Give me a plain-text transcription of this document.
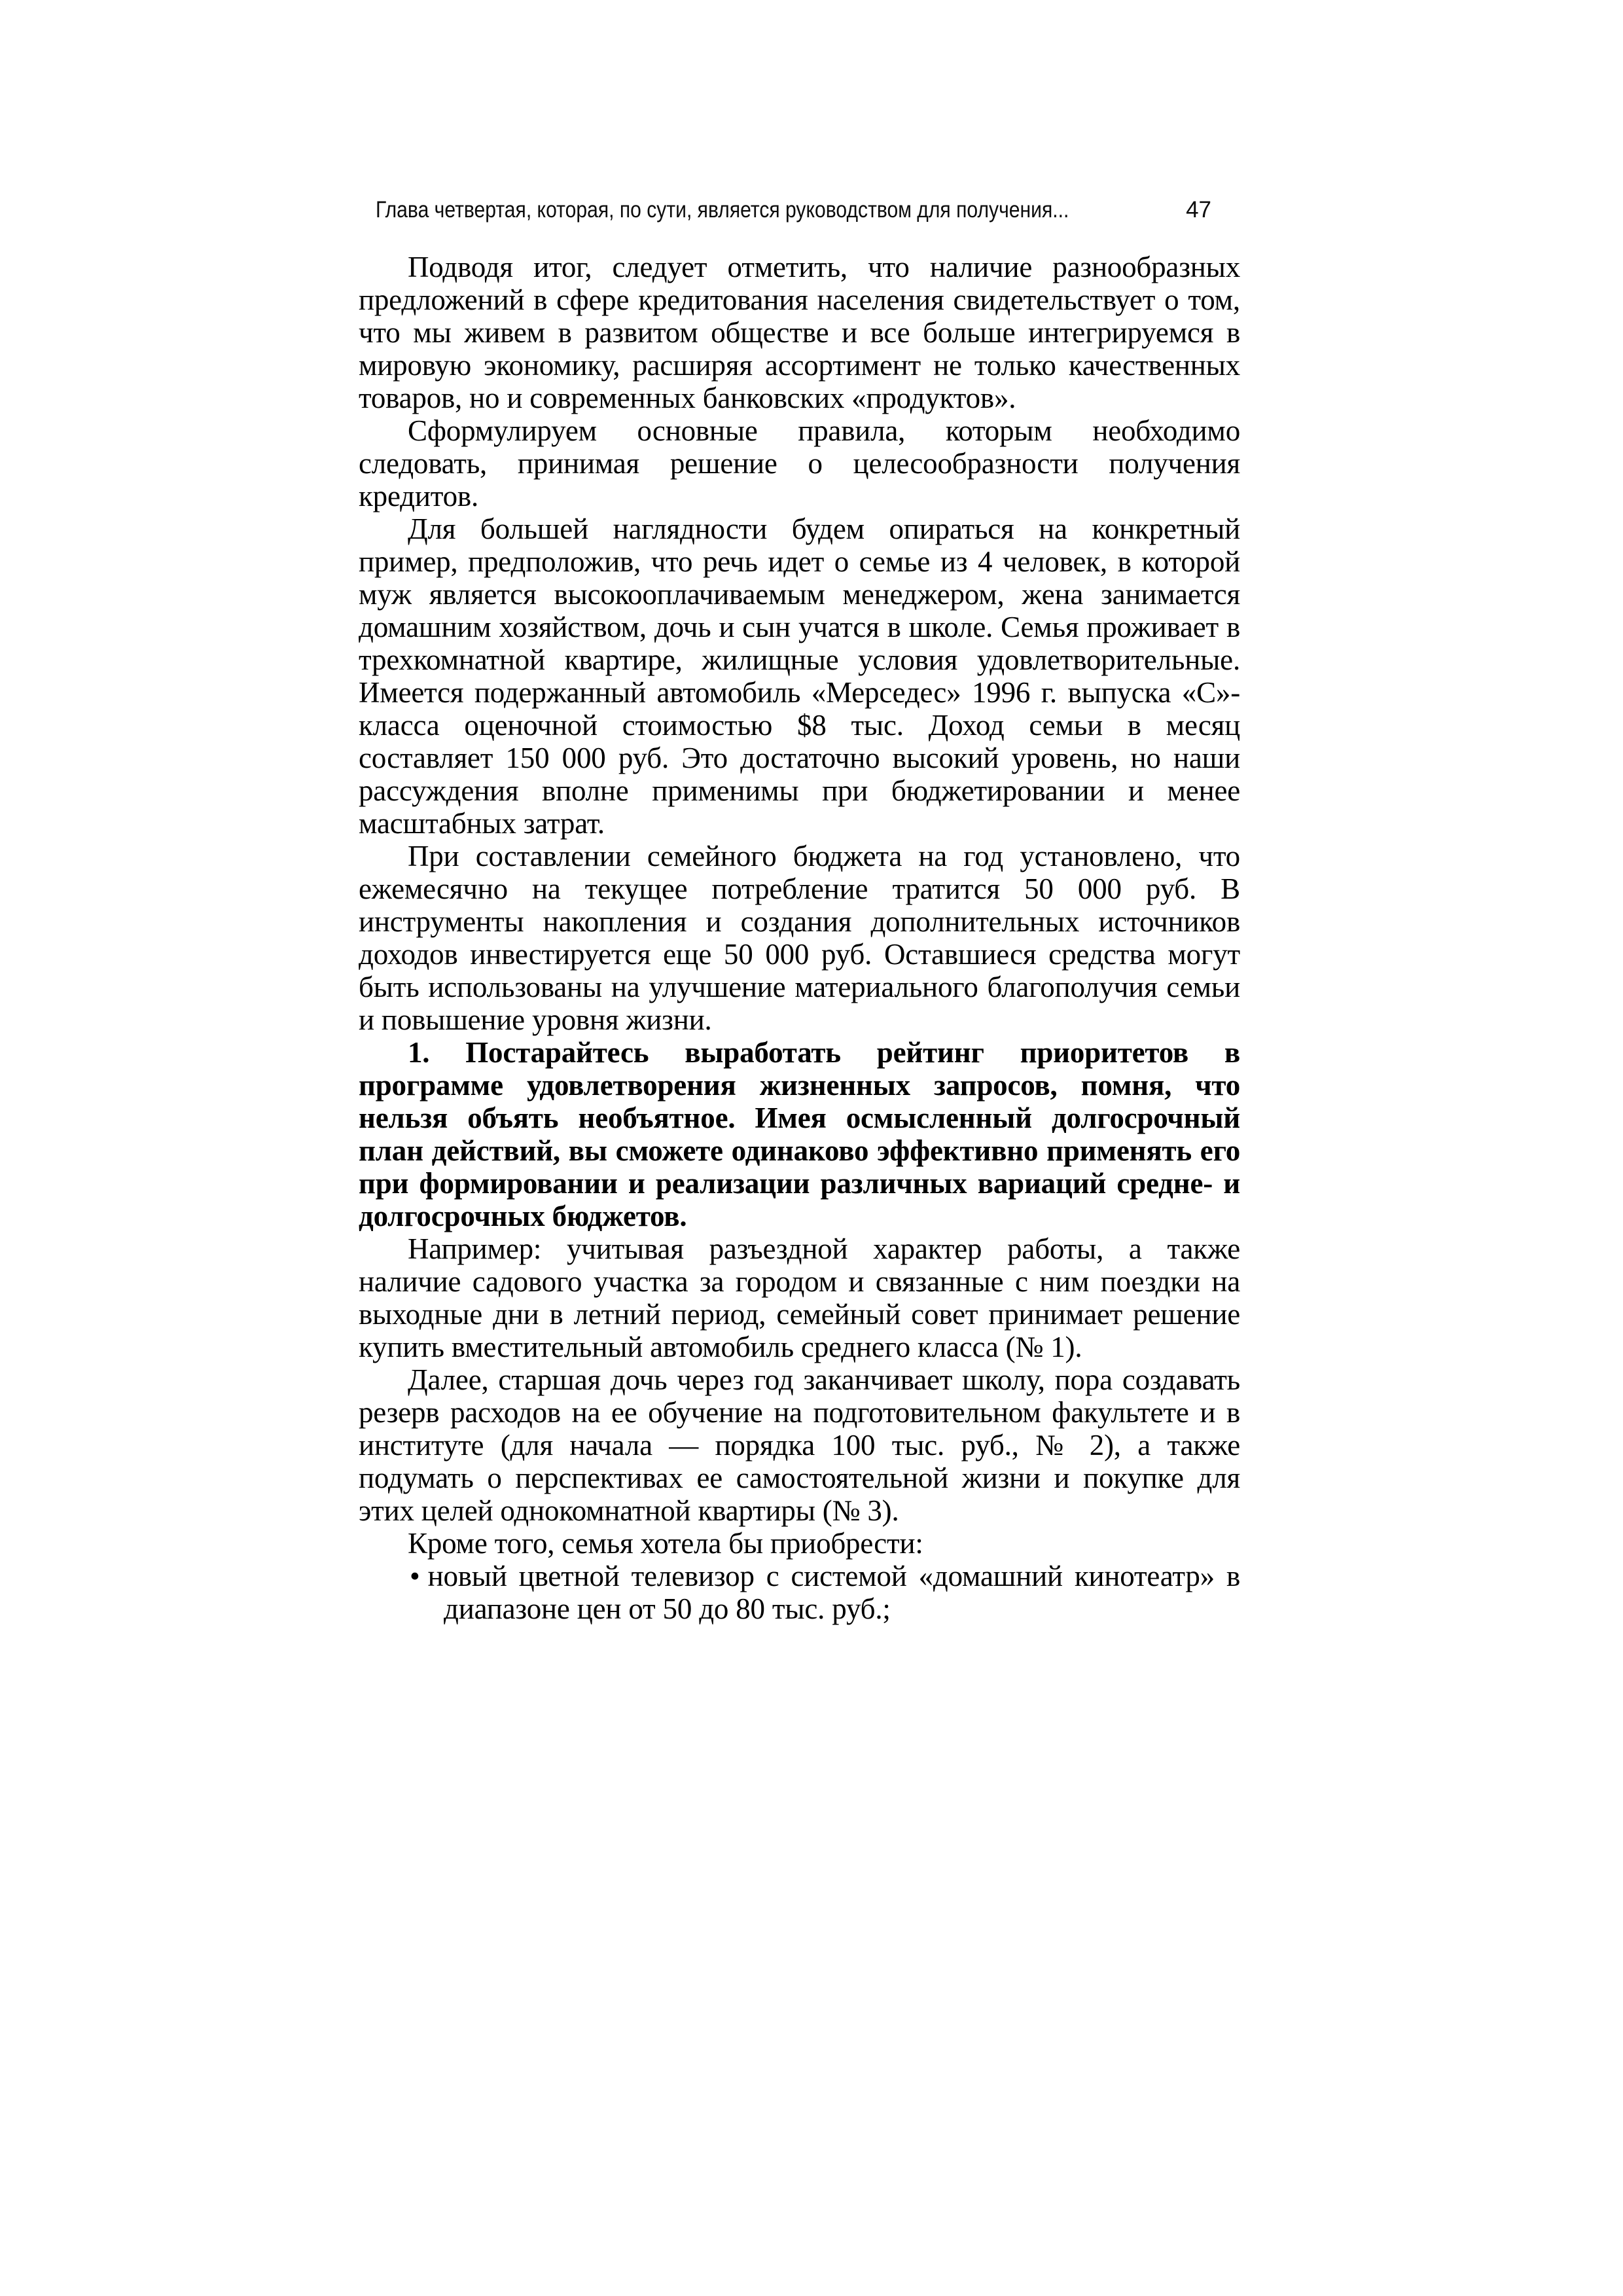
Глава четвертая, которая, по сути, является руководством для получения...	47

Подводя итог, следует отметить, что наличие разнообразных предложений в сфере кредитования населения свидетельствует о том, что мы живем в развитом обществе и все больше интегрируемся в мировую экономику, расширяя ассортимент не только качественных товаров, но и современных банковских «продуктов».

Сформулируем основные правила, которым необходимо следовать, принимая решение о целесообразности получения кредитов.

Для большей наглядности будем опираться на конкретный пример, предположив, что речь идет о семье из 4 человек, в которой муж является высокооплачиваемым менеджером, жена занимается домашним хозяйством, дочь и сын учатся в школе. Семья проживает в трехкомнатной квартире, жилищные условия удовлетворительные. Имеется подержанный автомобиль «Мерседес» 1996 г. выпуска «С»-класса оценочной стоимостью $8 тыс. Доход семьи в месяц составляет 150 000 руб. Это достаточно высокий уровень, но наши рассуждения вполне применимы при бюджетировании и менее масштабных затрат.

При составлении семейного бюджета на год установлено, что ежемесячно на текущее потребление тратится 50 000 руб. В инструменты накопления и создания дополнительных источников доходов инвестируется еще 50 000 руб. Оставшиеся средства могут быть использованы на улучшение материального благополучия семьи и повышение уровня жизни.

1. Постарайтесь выработать рейтинг приоритетов в программе удовлетворения жизненных запросов, помня, что нельзя объять необъятное. Имея осмысленный долгосрочный план действий, вы сможете одинаково эффективно применять его при формировании и реализации различных вариаций средне- и долгосрочных бюджетов.

Например: учитывая разъездной характер работы, а также наличие садового участка за городом и связанные с ним поездки на выходные дни в летний период, семейный совет принимает решение купить вместительный автомобиль среднего класса (№ 1).

Далее, старшая дочь через год заканчивает школу, пора создавать резерв расходов на ее обучение на подготовительном факультете и в институте (для начала — порядка 100 тыс. руб., № 2), а также подумать о перспективах ее самостоятельной жизни и покупке для этих целей однокомнатной квартиры (№ 3).

Кроме того, семья хотела бы приобрести:

• новый цветной телевизор с системой «домашний кинотеатр» в диапазоне цен от 50 до 80 тыс. руб.;
